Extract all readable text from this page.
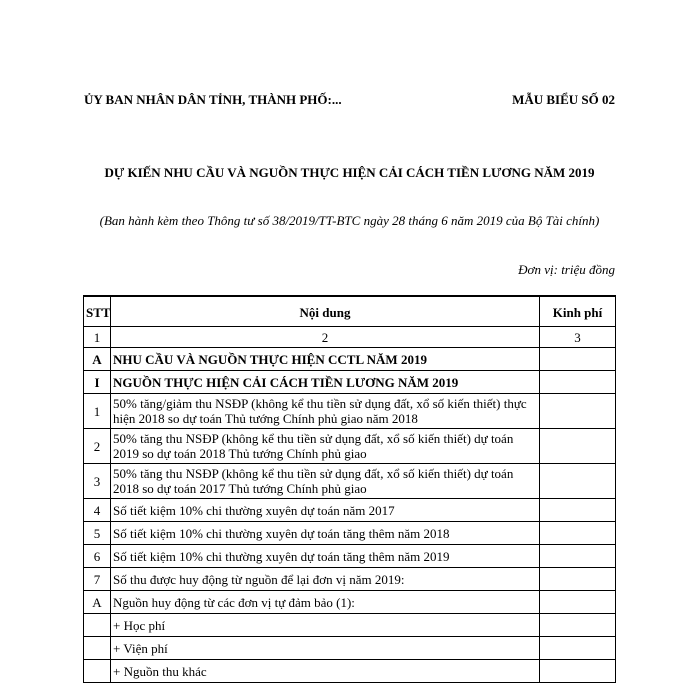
ỦY BAN NHÂN DÂN TỈNH, THÀNH PHỐ:...	MẪU BIỂU SỐ 02
DỰ KIẾN NHU CẦU VÀ NGUỒN THỰC HIỆN CẢI CÁCH TIỀN LƯƠNG NĂM 2019
(Ban hành kèm theo Thông tư số 38/2019/TT-BTC ngày 28 tháng 6 năm 2019 của Bộ Tài chính)
Đơn vị: triệu đồng
STT	Nội dung	Kinh phí
1	2	3
A	NHU CẦU VÀ NGUỒN THỰC HIỆN CCTL NĂM 2019	
I	NGUỒN THỰC HIỆN CẢI CÁCH TIỀN LƯƠNG NĂM 2019	
1	50% tăng/giảm thu NSĐP (không kể thu tiền sử dụng đất, xổ số kiến thiết) thực hiện 2018 so dự toán Thủ tướng Chính phủ giao năm 2018	
2	50% tăng thu NSĐP (không kể thu tiền sử dụng đất, xổ số kiến thiết) dự toán 2019 so dự toán 2018 Thủ tướng Chính phủ giao	
3	50% tăng thu NSĐP (không kể thu tiền sử dụng đất, xổ số kiến thiết) dự toán 2018 so dự toán 2017 Thủ tướng Chính phủ giao	
4	Số tiết kiệm 10% chi thường xuyên dự toán năm 2017	
5	Số tiết kiệm 10% chi thường xuyên dự toán tăng thêm năm 2018	
6	Số tiết kiệm 10% chi thường xuyên dự toán tăng thêm năm 2019	
7	Số thu được huy động từ nguồn để lại đơn vị năm 2019:	
A	Nguồn huy động từ các đơn vị tự đảm bảo (1):	
	+ Học phí	
	+ Viện phí	
	+ Nguồn thu khác	
